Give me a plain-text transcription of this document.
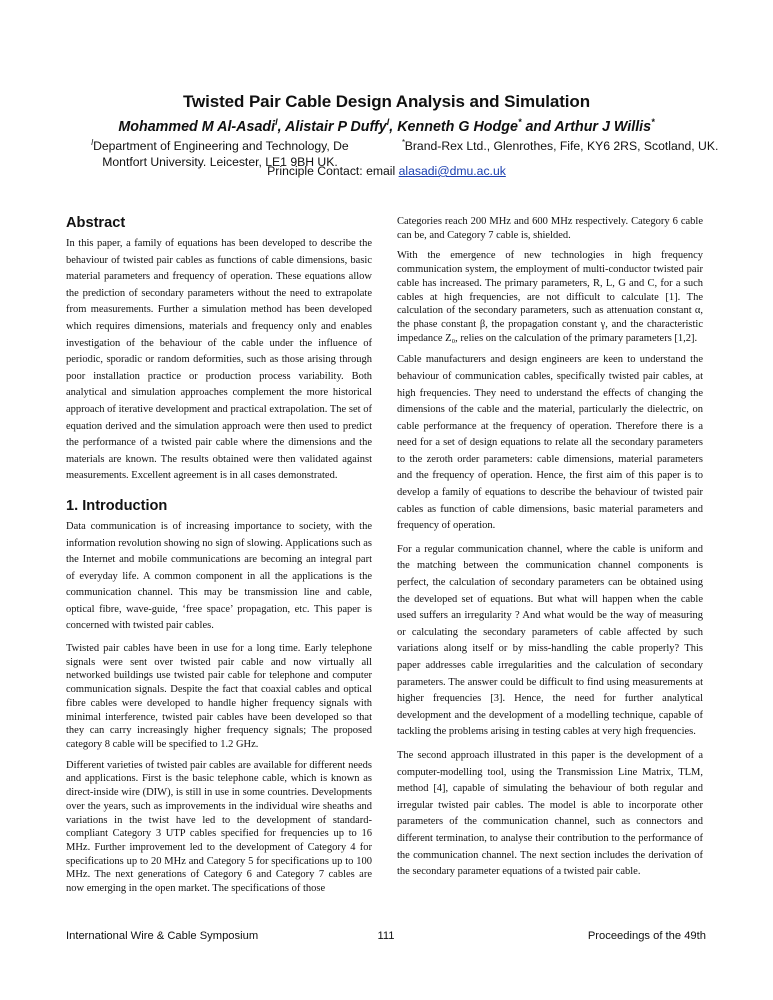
Twisted Pair Cable Design Analysis and Simulation
Mohammed M Al-Asadi$^l$, Alistair P Duffy$^l$, Kenneth G Hodge* and Arthur J Willis*
$^l$Department of Engineering and Technology, De Montfort University. Leicester, LE1 9BH UK.
*Brand-Rex Ltd., Glenrothes, Fife, KY6 2RS, Scotland, UK.
Principle Contact: email alasadi@dmu.ac.uk
Abstract

In this paper, a family of equations has been developed to describe the behaviour of twisted pair cables as functions of cable dimensions, basic material parameters and frequency of operation. These equations allow the prediction of secondary parameters without the need to extrapolate from measurements. Further a simulation method has been developed which requires dimensions, materials and frequency only and enables investigation of the behaviour of the cable under the influence of periodic, sporadic or random deformities, such as those arising through poor installation practice or production process variability. Both analytical and simulation approaches complement the more historical approach of iterative development and practical extrapolation. The set of equation derived and the simulation approach were then used to predict the performance of a twisted pair cable where the dimensions and the materials are known. The results obtained were then validated against measurements. Excellent agreement is in all cases demonstrated.

1. Introduction

Data communication is of increasing importance to society, with the information revolution showing no sign of slowing. Applications such as the Internet and mobile communications are becoming an integral part of everyday life. A common component in all the applications is the communication channel. This may be transmission line and cable, optical fibre, wave-guide, ‘free space’ propagation, etc. This paper is concerned with twisted pair cables.

Twisted pair cables have been in use for a long time. Early telephone signals were sent over twisted pair cable and now virtually all networked buildings use twisted pair cable for telephone and computer communication signals. Despite the fact that coaxial cables and optical fibre cables were developed to handle higher frequency signals with minimal interference, twisted pair cables have been developed so that they can carry increasingly higher frequency signals; The proposed category 8 cable will be specified to 1.2 GHz.

Different varieties of twisted pair cables are available for different needs and applications. First is the basic telephone cable, which is known as direct-inside wire (DIW), is still in use in some countries. Developments over the years, such as improvements in the individual wire sheaths and variations in the twist have led to the development of standard-compliant Category 3 UTP cables specified for frequencies up to 16 MHz. Further improvement led to the development of Category 4 for specifications up to 20 MHz and Category 5 for specifications up to 100 MHz. The next generations of Category 6 and Category 7 cables are now emerging in the open market. The specifications of those

Categories reach 200 MHz and 600 MHz respectively. Category 6 cable can be, and Category 7 cable is, shielded.

With the emergence of new technologies in high frequency communication system, the employment of multi-conductor twisted pair cable has increased. The primary parameters, R, L, G and C, for a such cables at high frequencies, are not difficult to calculate [1]. The calculation of the secondary parameters, such as attenuation constant α, the phase constant β, the propagation constant γ, and the characteristic impedance Z₀, relies on the calculation of the primary parameters [1,2].

Cable manufacturers and design engineers are keen to understand the behaviour of communication cables, specifically twisted pair cables, at high frequencies. They need to understand the effects of changing the dimensions of the cable and the material, particularly the dielectric, on cable performance at the frequency of operation. Therefore there is a need for a set of design equations to relate all the secondary parameters to the zeroth order parameters: cable dimensions, material parameters and the frequency of operation. Hence, the first aim of this paper is to develop a family of equations to describe the behaviour of twisted pair cables as function of cable dimensions, basic material parameters and frequency of operation.

For a regular communication channel, where the cable is uniform and the matching between the communication channel components is perfect, the calculation of secondary parameters can be obtained using the developed set of equations. But what will happen when the cable used suffers an irregularity ? And what would be the way of measuring or calculating the secondary parameters of cable affected by such variations along itself or by miss-handling the cable properly? This paper addresses cable irregularities and the calculation of secondary parameters. The answer could be difficult to find using measurements at higher frequencies [3]. Hence, the need for further analytical development and the development of a modelling technique, capable of tackling the problems arising in testing cables at very high frequencies.

The second approach illustrated in this paper is the development of a computer-modelling tool, using the Transmission Line Matrix, TLM, method [4], capable of simulating the behaviour of both regular and irregular twisted pair cables. The model is able to incorporate other parameters of the communication channel, such as connectors and different termination, to analyse their contribution to the performance of the communication channel. The next section includes the derivation of the secondary parameter equations of a twisted pair cable.

International Wire & Cable Symposium	111	Proceedings of the 49th
